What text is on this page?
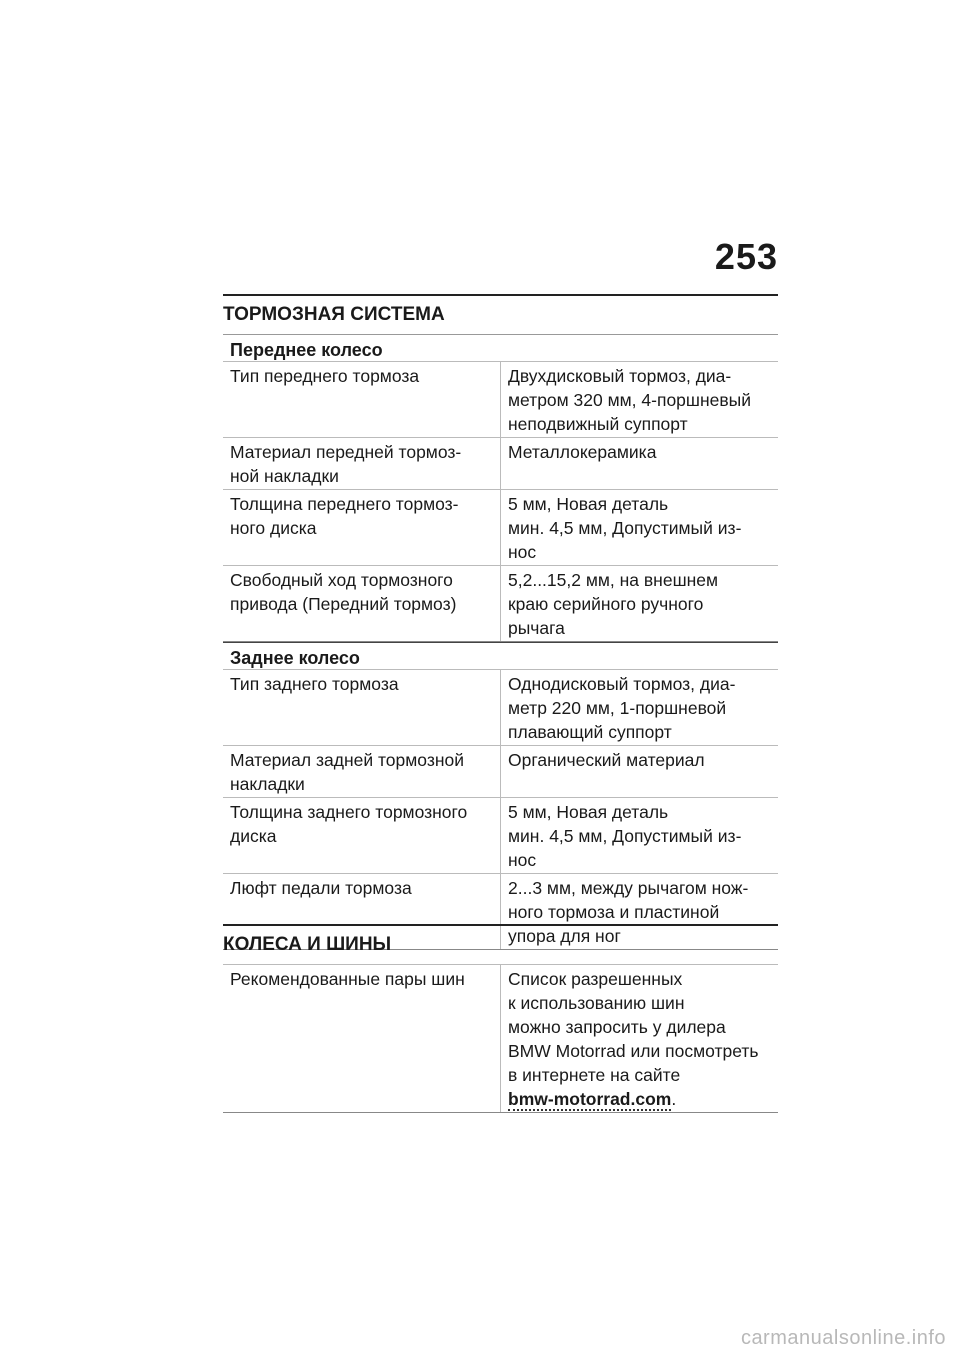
253
ТОРМОЗНАЯ СИСТЕМА
Переднее колесо
Тип переднего тормоза	Двухдисковый тормоз, диа-
метром 320 мм, 4-поршневый
неподвижный суппорт
Материал передней тормоз-
ной накладки	Металлокерамика
Толщина переднего тормоз-
ного диска	5 мм, Новая деталь
мин. 4,5 мм, Допустимый из-
нос
Свободный ход тормозного
привода (Передний тормоз)	5,2...15,2 мм, на внешнем
краю серийного ручного
рычага
Заднее колесо
Тип заднего тормоза	Однодисковый тормоз, диа-
метр 220 мм, 1-поршневой
плавающий суппорт
Материал задней тормозной
накладки	Органический материал
Толщина заднего тормозного
диска	5 мм, Новая деталь
мин. 4,5 мм, Допустимый из-
нос
Люфт педали тормоза	2...3 мм, между рычагом нож-
ного тормоза и пластиной
упора для ног
КОЛЕСА И ШИНЫ
Рекомендованные пары шин	Список разрешенных
к использованию шин
можно запросить у дилера
BMW Motorrad или посмотреть
в интернете на сайте
bmw-motorrad.com.
carmanualsonline.info
